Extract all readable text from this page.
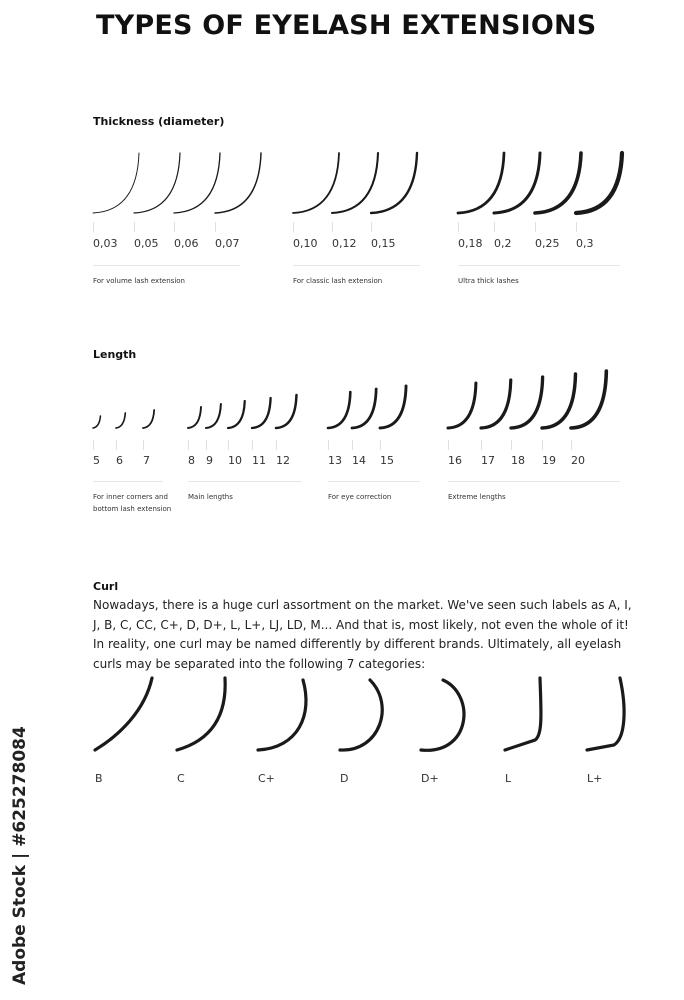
TYPES OF EYELASH EXTENSIONS
Thickness (diameter)
Length
Curl
Nowadays, there is a huge curl assortment on the market. We've seen such labels as A, I, J, B, C, CC, C+, D, D+, L, L+, LJ, LD, M... And that is, most likely, not even the whole of it! In reality, one curl may be named differently by different brands. Ultimately, all eyelash curls may be separated into the following 7 categories:
Adobe Stock | #625278084
0,03 0,05 0,06 0,07
For volume lash extension
0,10 0,12 0,15
For classic lash extension
0,18 0,2 0,25 0,3
Ultra thick lashes
5 6 7
For inner corners and bottom lash extension
8 9 10 11 12
Main lengths
13 14 15
For eye correction
16 17 18 19 20
Extreme lengths
B	C	C+	D	D+	L	L+
